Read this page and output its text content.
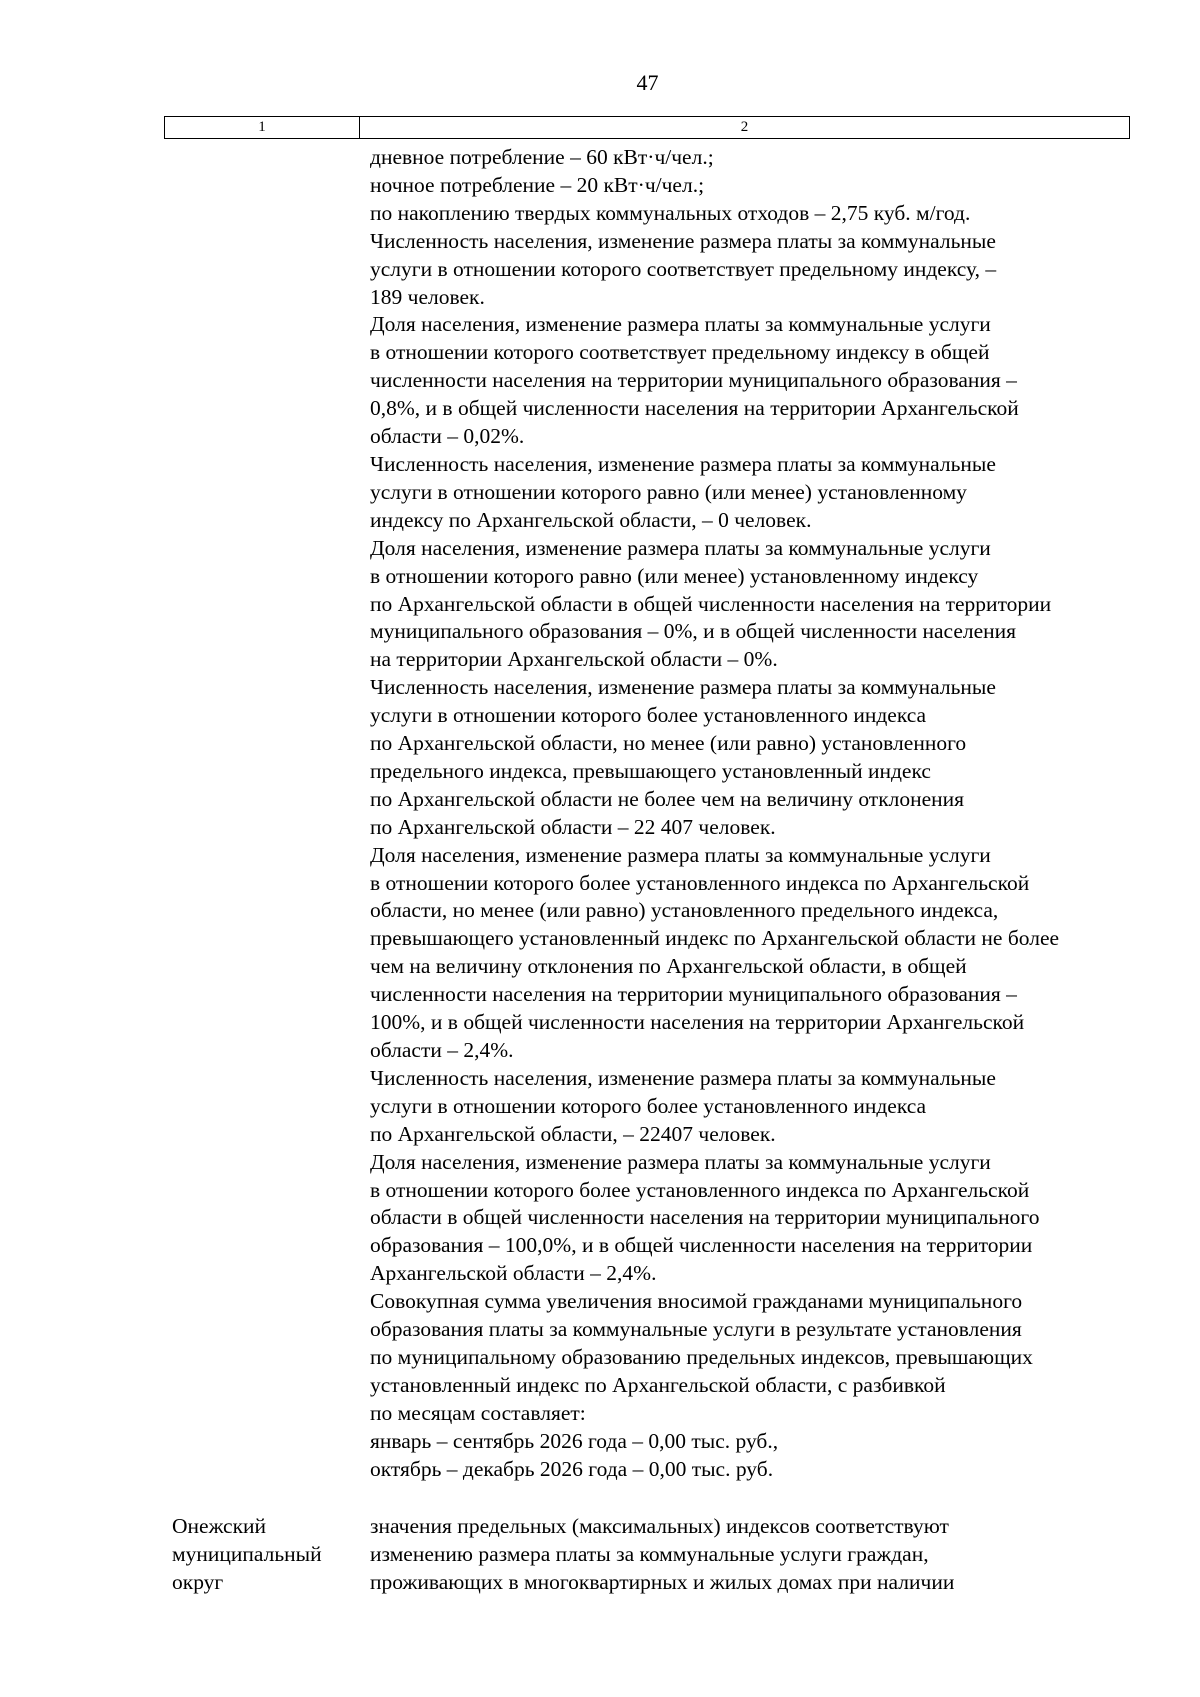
47
1	2
дневное потребление – 60 кВт·ч/чел.;
ночное потребление – 20 кВт·ч/чел.;
по накоплению твердых коммунальных отходов – 2,75 куб. м/год.
Численность населения, изменение размера платы за коммунальные
услуги в отношении которого соответствует предельному индексу, –
189 человек.
Доля населения, изменение размера платы за коммунальные услуги
в отношении которого соответствует предельному индексу в общей
численности населения на территории муниципального образования –
0,8%, и в общей численности населения на территории Архангельской
области – 0,02%.
Численность населения, изменение размера платы за коммунальные
услуги в отношении которого равно (или менее) установленному
индексу по Архангельской области, – 0 человек.
Доля населения, изменение размера платы за коммунальные услуги
в отношении которого равно (или менее) установленному индексу
по Архангельской области в общей численности населения на территории
муниципального образования – 0%, и в общей численности населения
на территории Архангельской области – 0%.
Численность населения, изменение размера платы за коммунальные
услуги в отношении которого более установленного индекса
по Архангельской области, но менее (или равно) установленного
предельного индекса, превышающего установленный индекс
по Архангельской области не более чем на величину отклонения
по Архангельской области – 22 407 человек.
Доля населения, изменение размера платы за коммунальные услуги
в отношении которого более установленного индекса по Архангельской
области, но менее (или равно) установленного предельного индекса,
превышающего установленный индекс по Архангельской области не более
чем на величину отклонения по Архангельской области, в общей
численности населения на территории муниципального образования –
100%, и в общей численности населения на территории Архангельской
области – 2,4%.
Численность населения, изменение размера платы за коммунальные
услуги в отношении которого более установленного индекса
по Архангельской области, – 22407 человек.
Доля населения, изменение размера платы за коммунальные услуги
в отношении которого более установленного индекса по Архангельской
области в общей численности населения на территории муниципального
образования – 100,0%, и в общей численности населения на территории
Архангельской области – 2,4%.
Совокупная сумма увеличения вносимой гражданами муниципального
образования платы за коммунальные услуги в результате установления
по муниципальному образованию предельных индексов, превышающих
установленный индекс по Архангельской области, с разбивкой
по месяцам составляет:
январь – сентябрь 2026 года – 0,00 тыс. руб.,
октябрь – декабрь 2026 года – 0,00 тыс. руб.
Онежский
муниципальный
округ
значения предельных (максимальных) индексов соответствуют
изменению размера платы за коммунальные услуги граждан,
проживающих в многоквартирных и жилых домах при наличии
